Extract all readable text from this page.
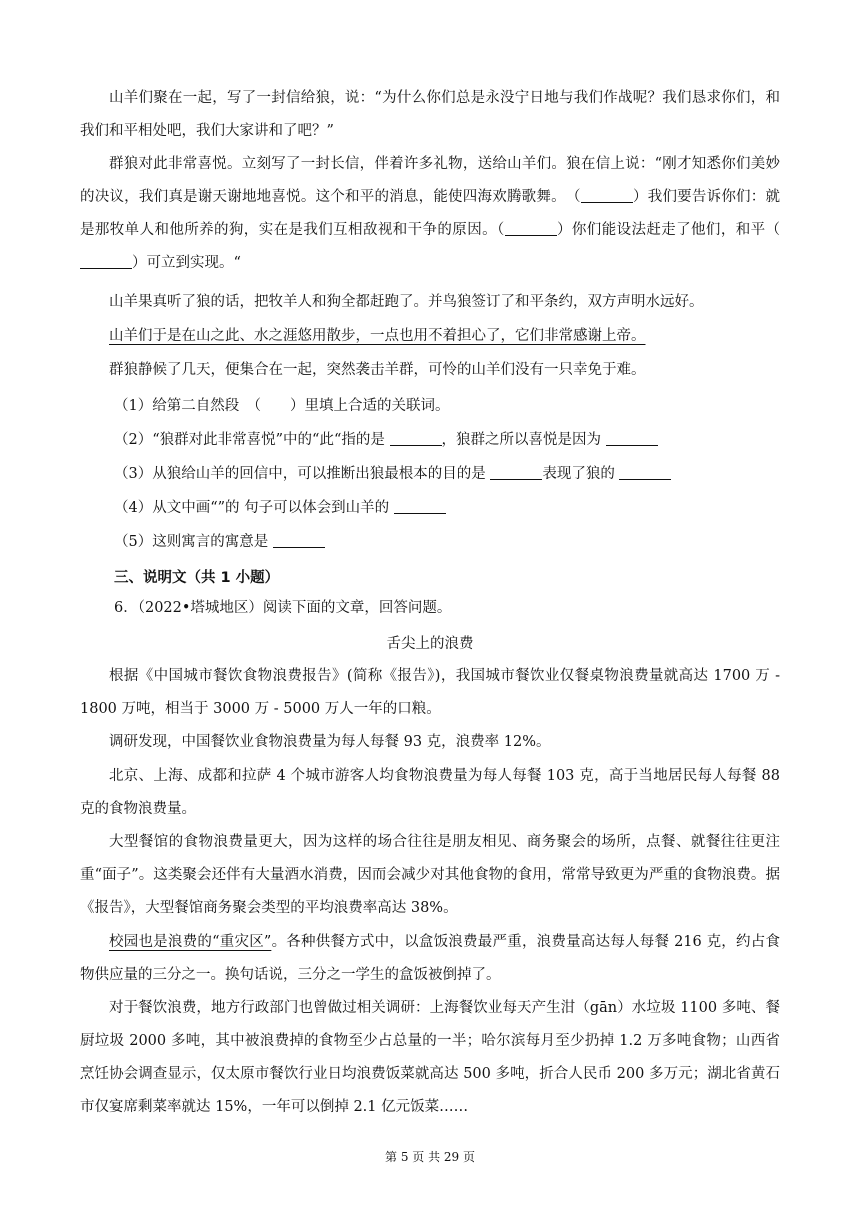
山羊们聚在一起，写了一封信给狼，说：“为什么你们总是永没宁日地与我们作战呢？我们恳求你们，和我们和平相处吧，我们大家讲和了吧？”
群狼对此非常喜悦。立刻写了一封长信，伴着许多礼物，送给山羊们。狼在信上说：“刚才知悉你们美妙的决议，我们真是谢天谢地地喜悦。这个和平的消息，能使四海欢腾歌舞。　（	）我们要告诉你们：就是那牧单人和他所养的狗，实在是我们互相敌视和干争的原因。（	）你们能设法赶走了他们，和平（）可立到实现。“
山羊果真听了狼的话，把牧羊人和狗全都赶跑了。并鸟狼签订了和平条约，双方声明水远好。
山羊们于是在山之此、水之涯悠用散步，一点也用不着担心了，它们非常感谢上帝。
群狼静候了几天，便集合在一起，突然袭击羊群，可怜的山羊们没有一只幸免于难。
（1）给第二自然段　（　　）里填上合适的关联词。
（2）“狼群对此非常喜悦”中的“此“指的是	，狼群之所以喜悦是因为
（3）从狼给山羊的回信中，可以推断出狼最根本的目的是	表现了狼的
（4）从文中画“”的 句子可以体会到山羊的
（5）这则寓言的寓意是
三、说明文（共 1 小题）
6．（2022•塔城地区）阅读下面的文章，回答问题。
舌尖上的浪费
根据《中国城市餐饮食物浪费报告》(简称《报告》)，我国城市餐饮业仅餐桌物浪费量就高达 1700 万 - 1800 万吨，相当于 3000 万 - 5000 万人一年的口粮。
调研发现，中国餐饮业食物浪费量为每人每餐 93 克，浪费率 12%。
北京、上海、成都和拉萨 4 个城市游客人均食物浪费量为每人每餐 103 克，高于当地居民每人每餐 88 克的食物浪费量。
大型餐馆的食物浪费量更大，因为这样的场合往往是朋友相见、商务聚会的场所，点餐、就餐往往更注重“面子”。这类聚会还伴有大量酒水消费，因而会减少对其他食物的食用，常常导致更为严重的食物浪费。据《报告》，大型餐馆商务聚会类型的平均浪费率高达 38%。
校园也是浪费的“重灾区”。各种供餐方式中，以盒饭浪费最严重，浪费量高达每人每餐 216 克，约占食物供应量的三分之一。换句话说，三分之一学生的盒饭被倒掉了。
对于餐饮浪费，地方行政部门也曾做过相关调研：上海餐饮业每天产生泔（gān）水垃圾 1100 多吨、餐厨垃圾 2000 多吨，其中被浪费掉的食物至少占总量的一半；哈尔滨每月至少扔掉 1.2 万多吨食物；山西省烹饪协会调查显示，仅太原市餐饮行业日均浪费饭菜就高达 500 多吨，折合人民币 200 多万元；湖北省黄石市仅宴席剩菜率就达 15%，一年可以倒掉 2.1 亿元饭菜……
第 5 页 共 29 页
